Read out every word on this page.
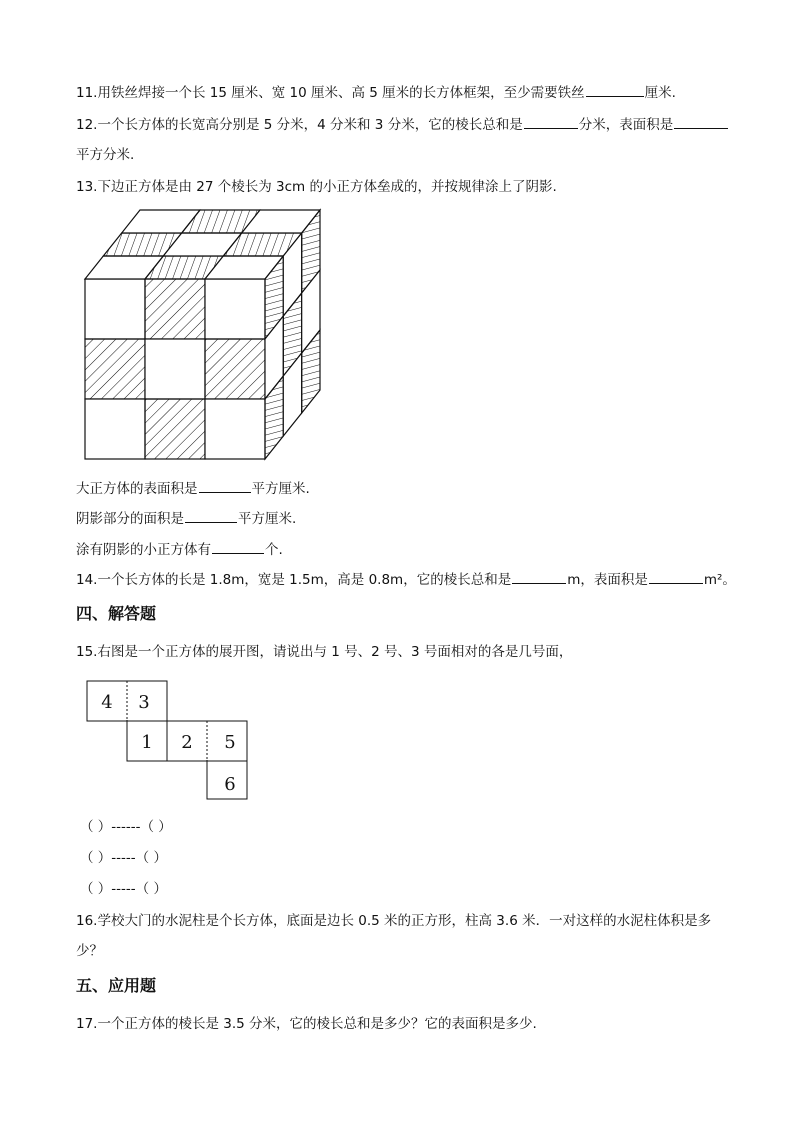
11.用铁丝焊接一个长 15 厘米、宽 10 厘米、高 5 厘米的长方体框架，至少需要铁丝	厘米.
12.一个长方体的长宽高分别是 5 分米，4 分米和 3 分米，它的棱长总和是	分米，表面积是
平方分米.
13.下边正方体是由 27 个棱长为 3cm 的小正方体垒成的，并按规律涂上了阴影.
大正方体的表面积是	平方厘米.
阴影部分的面积是	平方厘米.
涂有阴影的小正方体有	个.
14.一个长方体的长是 1.8m，宽是 1.5m，高是 0.8m，它的棱长总和是	m，表面积是	m²。
四、解答题
15.右图是一个正方体的展开图，请说出与 1 号、2 号、3 号面相对的各是几号面，
4 3
1 2 5
6
（ ）------（ ）
（ ）-----（ ）
（ ）-----（ ）
16.学校大门的水泥柱是个长方体，底面是边长 0.5 米的正方形，柱高 3.6 米．一对这样的水泥柱体积是多
少？
五、应用题
17.一个正方体的棱长是 3.5 分米，它的棱长总和是多少？它的表面积是多少.
